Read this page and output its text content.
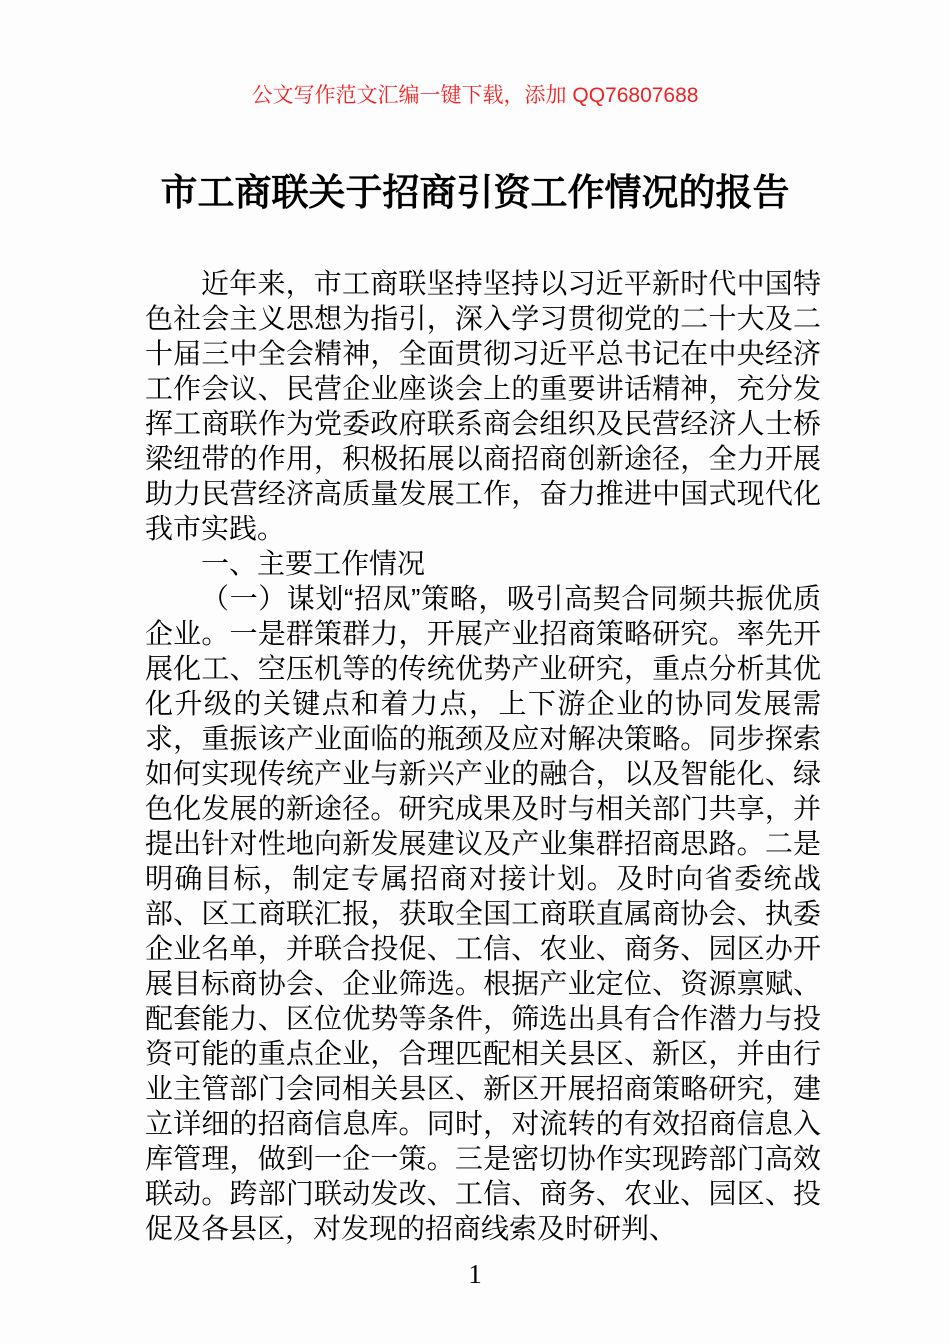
公文写作范文汇编一键下载，添加 QQ76807688
市工商联关于招商引资工作情况的报告

近年来，市工商联坚持坚持以习近平新时代中国特色社会主义思想为指引，深入学习贯彻党的二十大及二十届三中全会精神，全面贯彻习近平总书记在中央经济工作会议、民营企业座谈会上的重要讲话精神，充分发挥工商联作为党委政府联系商会组织及民营经济人士桥梁纽带的作用，积极拓展以商招商创新途径，全力开展助力民营经济高质量发展工作，奋力推进中国式现代化我市实践。

一、主要工作情况

（一）谋划“招凤”策略，吸引高契合同频共振优质企业。一是群策群力，开展产业招商策略研究。率先开展化工、空压机等的传统优势产业研究，重点分析其优化升级的关键点和着力点，上下游企业的协同发展需求，重振该产业面临的瓶颈及应对解决策略。同步探索如何实现传统产业与新兴产业的融合，以及智能化、绿色化发展的新途径。研究成果及时与相关部门共享，并提出针对性地向新发展建议及产业集群招商思路。二是明确目标，制定专属招商对接计划。及时向省委统战部、区工商联汇报，获取全国工商联直属商协会、执委企业名单，并联合投促、工信、农业、商务、园区办开展目标商协会、企业筛选。根据产业定位、资源禀赋、配套能力、区位优势等条件，筛选出具有合作潜力与投资可能的重点企业，合理匹配相关县区、新区，并由行业主管部门会同相关县区、新区开展招商策略研究，建立详细的招商信息库。同时，对流转的有效招商信息入库管理，做到一企一策。三是密切协作实现跨部门高效联动。跨部门联动发改、工信、商务、农业、园区、投促及各县区，对发现的招商线索及时研判、

1
